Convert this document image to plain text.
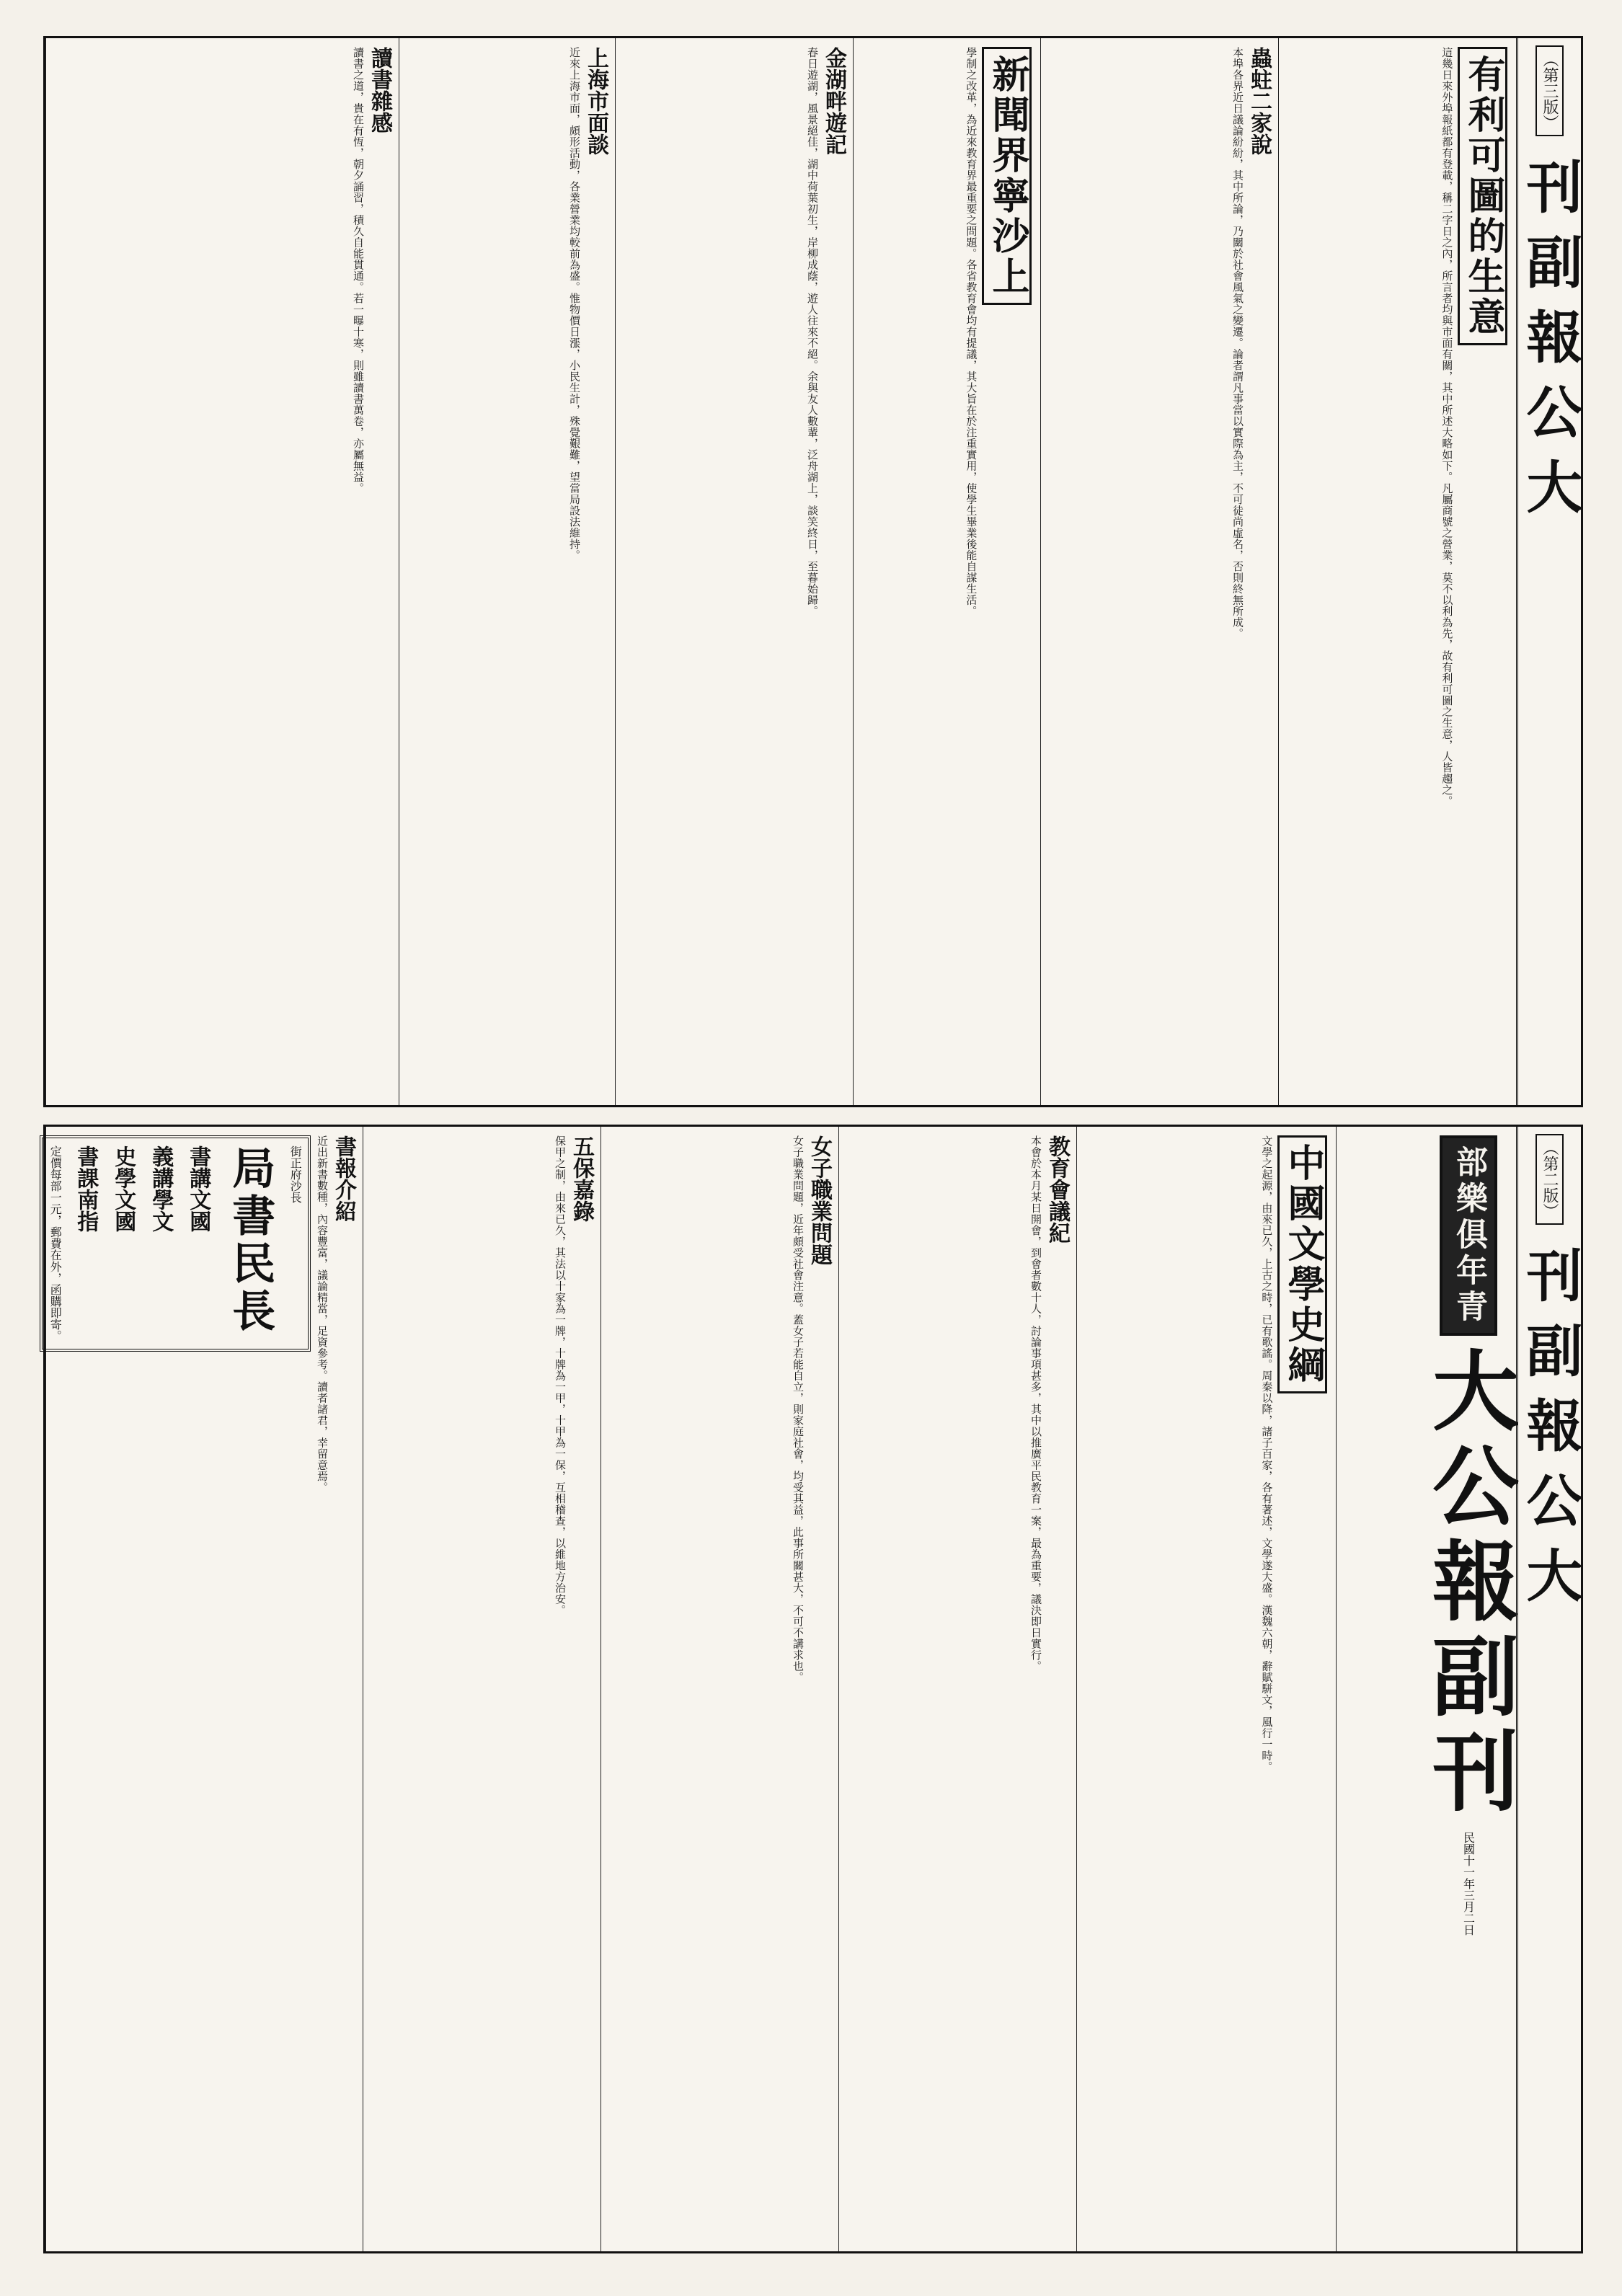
（第三版）
刊副報公大
有利可圖的生意
這幾日來外埠報紙都有登載，稱二字日之內，所言者均與市面有關，其中所述大略如下。凡屬商號之營業，莫不以利為先，故有利可圖之生意，人皆趨之。
蟲蛀二家說
本埠各界近日議論紛紛，其中所論，乃關於社會風氣之變遷。論者謂凡事當以實際為主，不可徒尚虛名，否則終無所成。
新聞界寧沙上
學制之改革，為近來教育界最重要之問題。各省教育會均有提議，其大旨在於注重實用，使學生畢業後能自謀生活。
金湖畔遊記
春日遊湖，風景絕佳，湖中荷葉初生，岸柳成蔭，遊人往來不絕。余與友人數輩，泛舟湖上，談笑終日，至暮始歸。
上海市面談
近來上海市面，頗形活動，各業營業均較前為盛。惟物價日漲，小民生計，殊覺艱難，望當局設法維持。
讀書雜感
讀書之道，貴在有恆，朝夕誦習，積久自能貫通。若一曝十寒，則雖讀書萬卷，亦屬無益。
（第二版）
刊副報公大
部樂俱年青
大公報副刊
民國十一年三月二日
中國文學史綱
文學之起源，由來已久，上古之時，已有歌謠。周秦以降，諸子百家，各有著述，文學遂大盛。漢魏六朝，辭賦駢文，風行一時。
教育會議紀
本會於本月某日開會，到會者數十人，討論事項甚多，其中以推廣平民教育一案，最為重要，議決即日實行。
女子職業問題
女子職業問題，近年頗受社會注意。蓋女子若能自立，則家庭社會，均受其益，此事所關甚大，不可不講求也。
五保嘉錄
保甲之制，由來已久，其法以十家為一牌，十牌為一甲，十甲為一保，互相稽查，以維地方治安。
書報介紹
近出新書數種，內容豐富，議論精當，足資參考。讀者諸君，幸留意焉。
街正府沙長
局書民長
書講文國
義講學文
史學文國
書課南指
定價每部一元，郵費在外，函購即寄。
